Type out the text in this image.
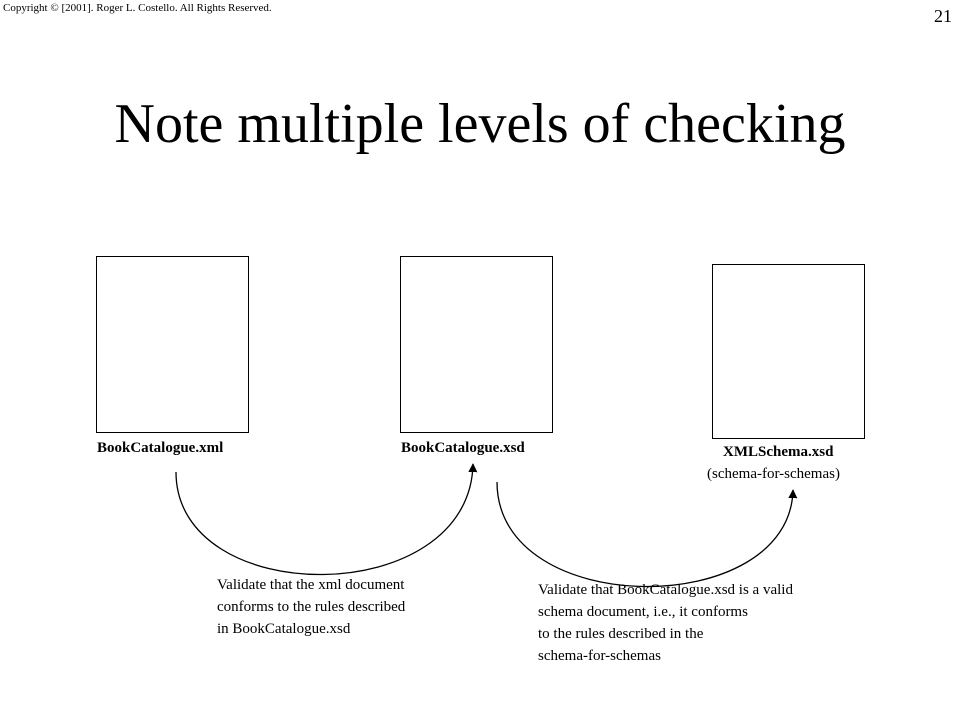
Copyright © [2001]. Roger L. Costello. All Rights Reserved.	21
Note multiple levels of checking
BookCatalogue.xml	BookCatalogue.xsd	XMLSchema.xsd
(schema-for-schemas)
Validate that the xml document
conforms to the rules described
in BookCatalogue.xsd
Validate that BookCatalogue.xsd is a valid
schema document, i.e., it conforms
to the rules described in the
schema-for-schemas
